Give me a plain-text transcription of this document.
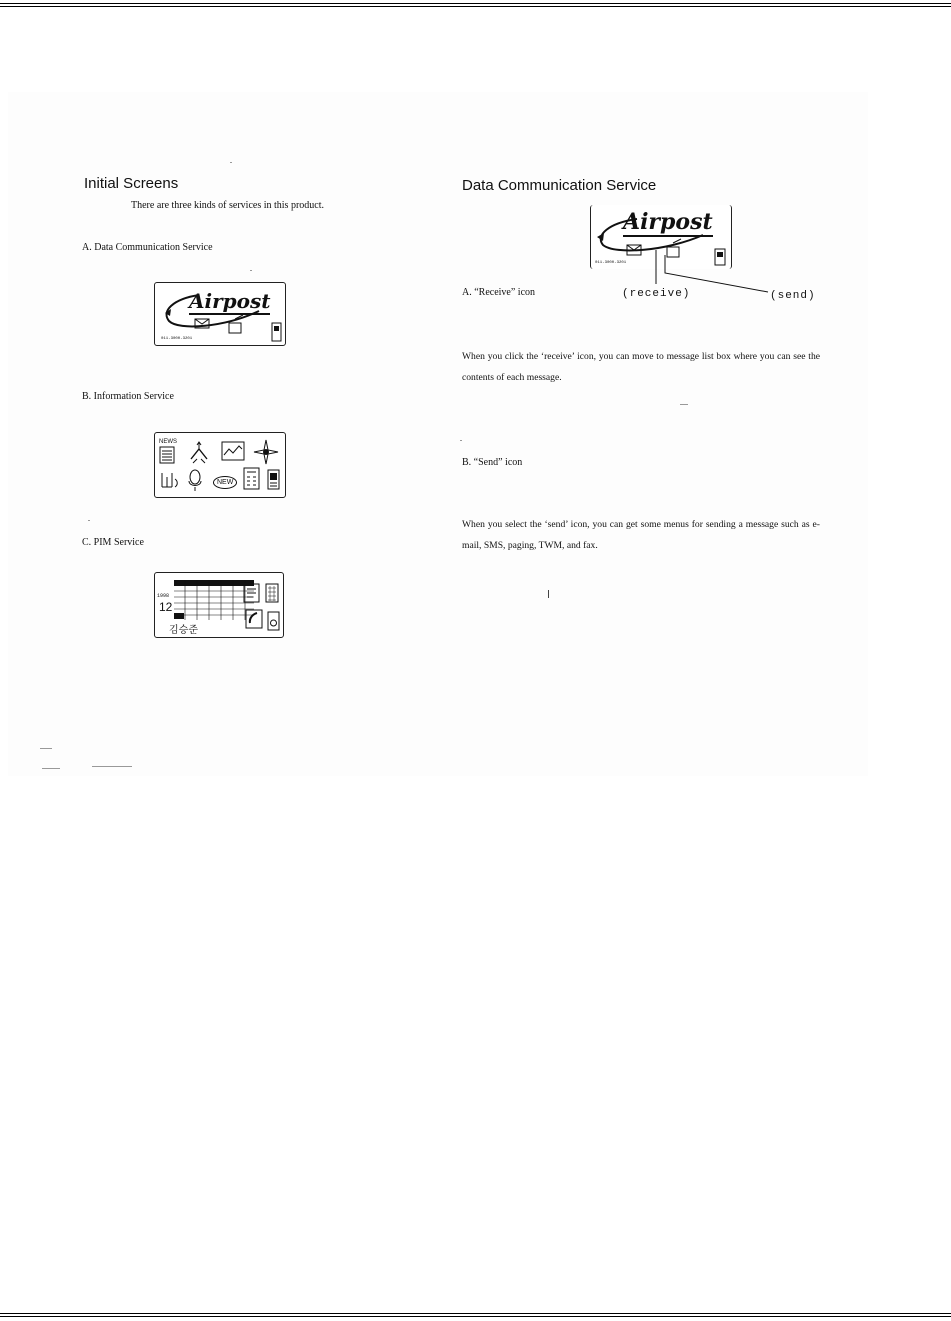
Initial Screens
There are three kinds of services in this product.
A. Data Communication Service
Airpost
011-3000-3201
B. Information Service
NEWS
NEW
C. PIM Service
1998
12
김승준
Data Communication Service
Airpost
011-3000-3201
A. “Receive” icon	(receive)	(send)
When you click the ‘receive’ icon, you can move to message list box where you can see the contents of each message.
B. “Send” icon
When you select the ‘send’ icon, you can get some menus for sending a message such as e-mail, SMS, paging, TWM, and fax.
